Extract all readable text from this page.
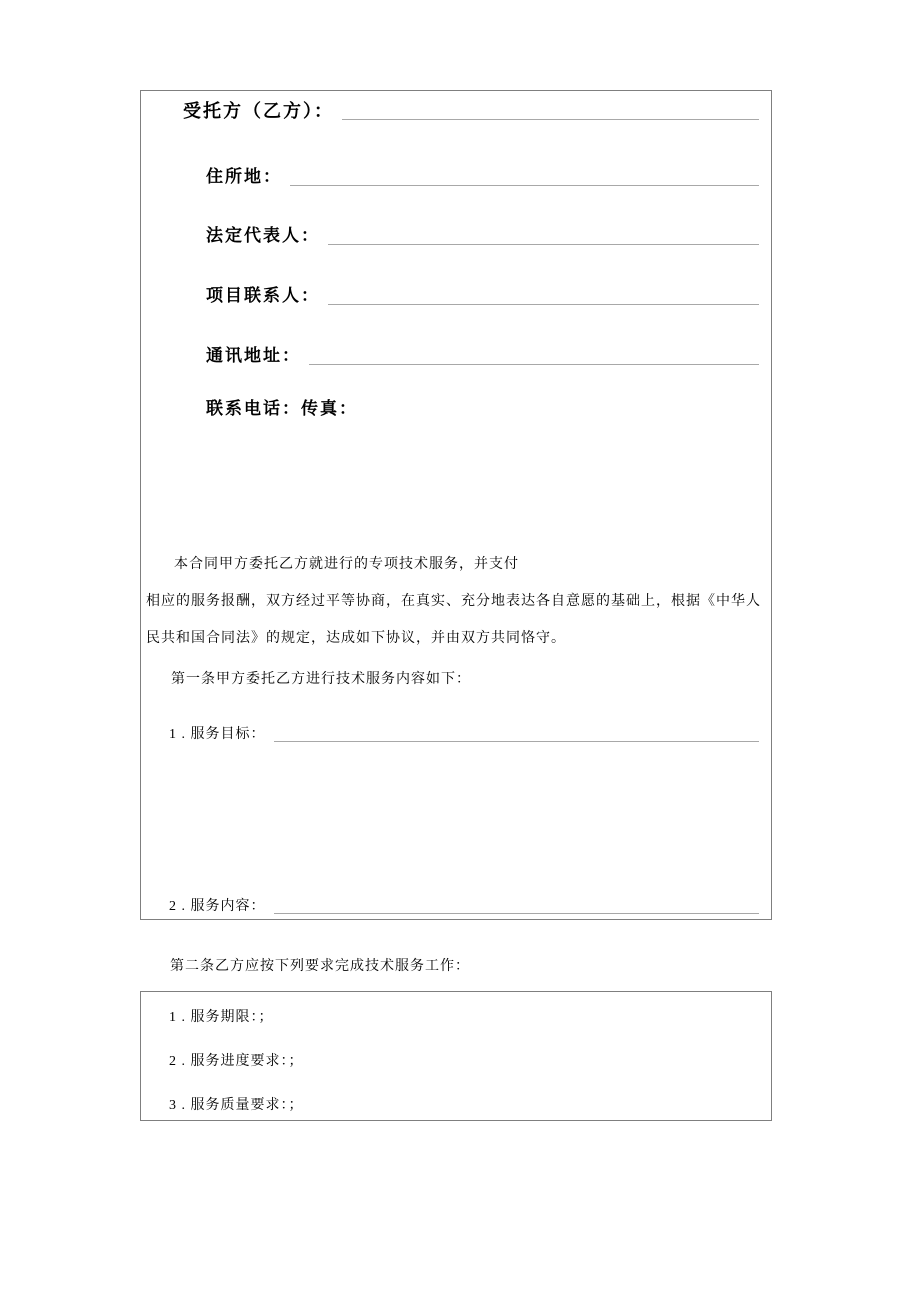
受托方（乙方）：
住所地：
法定代表人：
项目联系人：
通讯地址：
联系电话：传真：

本合同甲方委托乙方就进行的专项技术服务，并支付

相应的服务报酬，双方经过平等协商，在真实、充分地表达各自意愿的基础上，根据《中华人民共和国合同法》的规定，达成如下协议，并由双方共同恪守。

第一条甲方委托乙方进行技术服务内容如下：

1 . 服务目标：
2 . 服务内容：

第二条乙方应按下列要求完成技术服务工作：

1 . 服务期限：；

2 . 服务进度要求：；

3 . 服务质量要求：；
